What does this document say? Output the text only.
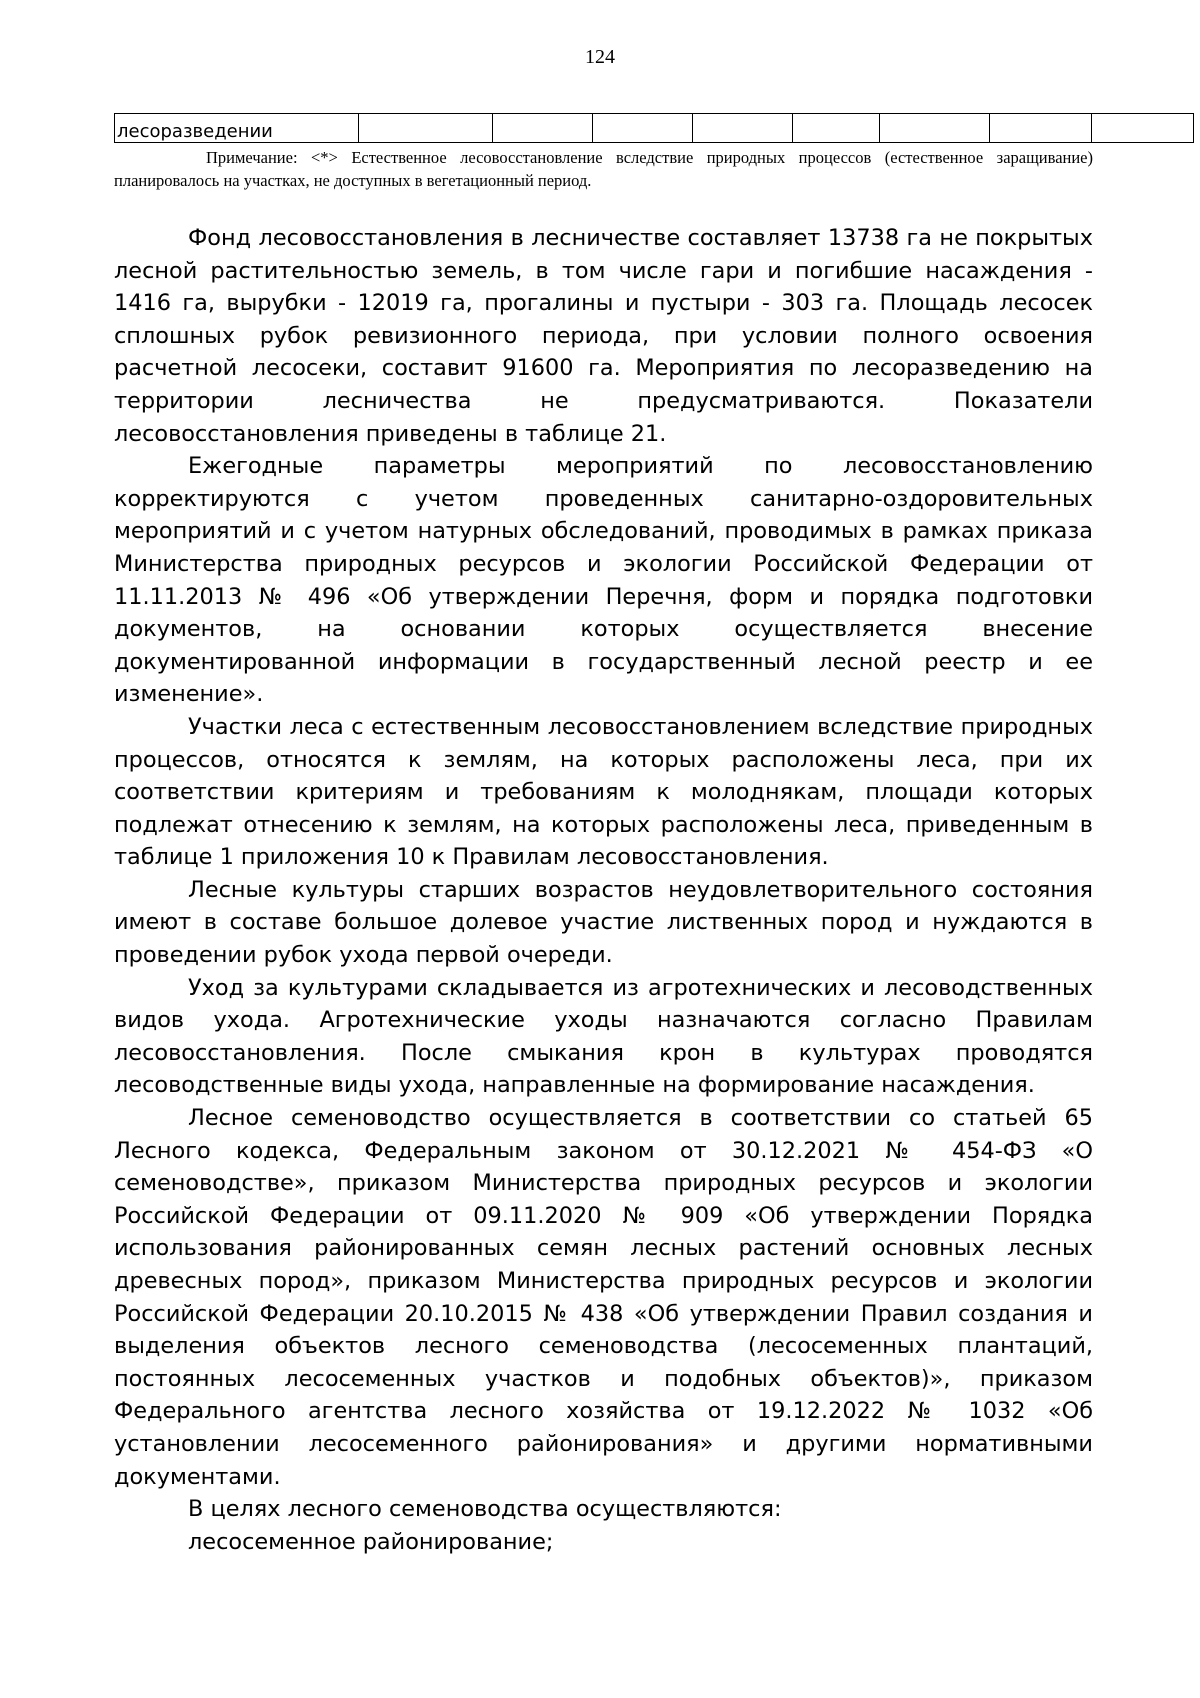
124
лесоразведении								
Примечание: <*> Естественное лесовосстановление вследствие природных процессов (естественное заращивание) планировалось на участках, не доступных в вегетационный период.

Фонд лесовосстановления в лесничестве составляет 13738 га не покрытых лесной растительностью земель, в том числе гари и погибшие насаждения - 1416 га, вырубки - 12019 га, прогалины и пустыри - 303 га. Площадь лесосек сплошных рубок ревизионного периода, при условии полного освоения расчетной лесосеки, составит 91600 га. Мероприятия по лесоразведению на территории лесничества не предусматриваются. Показатели лесовосстановления приведены в таблице 21.

Ежегодные параметры мероприятий по лесовосстановлению корректируются с учетом проведенных санитарно-оздоровительных мероприятий и с учетом натурных обследований, проводимых в рамках приказа Министерства природных ресурсов и экологии Российской Федерации от 11.11.2013 № 496 «Об утверждении Перечня, форм и порядка подготовки документов, на основании которых осуществляется внесение документированной информации в государственный лесной реестр и ее изменение».

Участки леса с естественным лесовосстановлением вследствие природных процессов, относятся к землям, на которых расположены леса, при их соответствии критериям и требованиям к молоднякам, площади которых подлежат отнесению к землям, на которых расположены леса, приведенным в таблице 1 приложения 10 к Правилам лесовосстановления.

Лесные культуры старших возрастов неудовлетворительного состояния имеют в составе большое долевое участие лиственных пород и нуждаются в проведении рубок ухода первой очереди.

Уход за культурами складывается из агротехнических и лесоводственных видов ухода. Агротехнические уходы назначаются согласно Правилам лесовосстановления. После смыкания крон в культурах проводятся лесоводственные виды ухода, направленные на формирование насаждения.

Лесное семеноводство осуществляется в соответствии со статьей 65 Лесного кодекса, Федеральным законом от 30.12.2021 № 454-ФЗ «О семеноводстве», приказом Министерства природных ресурсов и экологии Российской Федерации от 09.11.2020 № 909 «Об утверждении Порядка использования районированных семян лесных растений основных лесных древесных пород», приказом Министерства природных ресурсов и экологии Российской Федерации 20.10.2015 № 438 «Об утверждении Правил создания и выделения объектов лесного семеноводства (лесосеменных плантаций, постоянных лесосеменных участков и подобных объектов)», приказом Федерального агентства лесного хозяйства от 19.12.2022 № 1032 «Об установлении лесосеменного районирования» и другими нормативными документами.

В целях лесного семеноводства осуществляются:

лесосеменное районирование;
